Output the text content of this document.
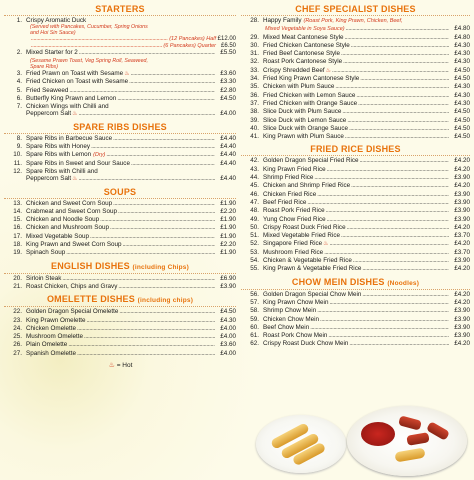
STARTERS
1. Crispy Aromatic Duck
(Served with Pancakes, Cucumber, Spring Onions
and Hoi Sin Sauce)
.....
(12 Pancakes) Half £12.00
.....
(6 Pancakes) Quarter £6.50
2. Mixed Starter for 2 .....	£5.50
(Sesame Prawn Toast, Veg Spring Roll, Seaweed,
Spare Ribs)
3. Fried Prawn on Toast with Sesame ♨ .....	£3.60
4. Fried Chicken on Toast with Sesame .....	£3.30
5. Fried Seaweed .....	£2.80
6. Butterfly King Prawn and Lemon .....	£4.50
7. Chicken Wings with Chilli and
Peppercorn Salt ♨ .....	£4.00
SPARE RIBS DISHES
8. Spare Ribs in Barbecue Sauce .....	£4.40
9. Spare Ribs with Honey .....	£4.40
10. Spare Ribs with Lemon (Dry) .....	£4.40
11. Spare Ribs in Sweet and Sour Sauce .....	£4.40
12. Spare Ribs with Chilli and
Peppercorn Salt ♨ .....	£4.40
SOUPS
13. Chicken and Sweet Corn Soup .....	£1.90
14. Crabmeat and Sweet Corn Soup .....	£2.20
15. Chicken and Noodle Soup .....	£1.90
16. Chicken and Mushroom Soup .....	£1.90
17. Mixed Vegetable Soup .....	£1.90
18. King Prawn and Sweet Corn Soup .....	£2.20
19. Spinach Soup .....	£1.90
ENGLISH DISHES (including Chips)
20. Sirloin Steak .....	£6.90
21. Roast Chicken, Chips and Gravy .....	£3.90
OMELETTE DISHES (including chips)
22. Golden Dragon Special Omelette .....	£4.50
23. King Prawn Omelette .....	£4.30
24. Chicken Omelette .....	£4.00
25. Mushroom Omelette .....	£4.00
26. Plain Omelette .....	£3.60
27. Spanish Omelette .....	£4.00
♨ = Hot
CHEF SPECIALIST DISHES
28. Happy Family (Roast Pork, King Prawn, Chicken, Beef,
Mixed Vegetable in Soya Sauce) .....	£4.80
29. Mixed Meat Cantonese Style .....	£4.80
30. Fried Chicken Cantonese Style .....	£4.30
31. Fried Beef Cantonese Style .....	£4.30
32. Roast Pork Cantonese Style .....	£4.30
33. Crispy Shredded Beef ♨ .....	£4.50
34. Fried King Prawn Cantonese Style .....	£4.50
35. Chicken with Plum Sauce .....	£4.30
36. Fried Chicken with Lemon Sauce .....	£4.30
37. Fried Chicken with Orange Sauce .....	£4.30
38. Slice Duck with Plum Sauce .....	£4.50
39. Slice Duck with Lemon Sauce .....	£4.50
40. Slice Duck with Orange Sauce .....	£4.50
41. King Prawn with Plum Sauce .....	£4.50
FRIED RICE DISHES
42. Golden Dragon Special Fried Rice .....	£4.20
43. King Prawn Fried Rice .....	£4.20
44. Shrimp Fried Rice .....	£3.90
45. Chicken and Shrimp Fried Rice .....	£4.20
46. Chicken Fried Rice .....	£3.90
47. Beef Fried Rice .....	£3.90
48. Roast Pork Fried Rice .....	£3.90
49. Yung Chow Fried Rice .....	£3.90
50. Crispy Roast Duck Fried Rice .....	£4.20
51. Mixed Vegetable Fried Rice .....	£3.70
52. Singapore Fried Rice ♨ .....	£4.20
53. Mushroom Fried Rice .....	£3.70
54. Chicken & Vegetable Fried Rice .....	£3.90
55. King Prawn & Vegetable Fried Rice .....	£4.20
CHOW MEIN DISHES (Noodles)
56. Golden Dragon Special Chow Mein .....	£4.20
57. King Prawn Chow Mein .....	£4.20
58. Shrimp Chow Mein .....	£3.90
59. Chicken Chow Mein .....	£3.90
60. Beef Chow Mein .....	£3.90
61. Roast Pork Chow Mein .....	£3.90
62. Crispy Roast Duck Chow Mein .....	£4.20
